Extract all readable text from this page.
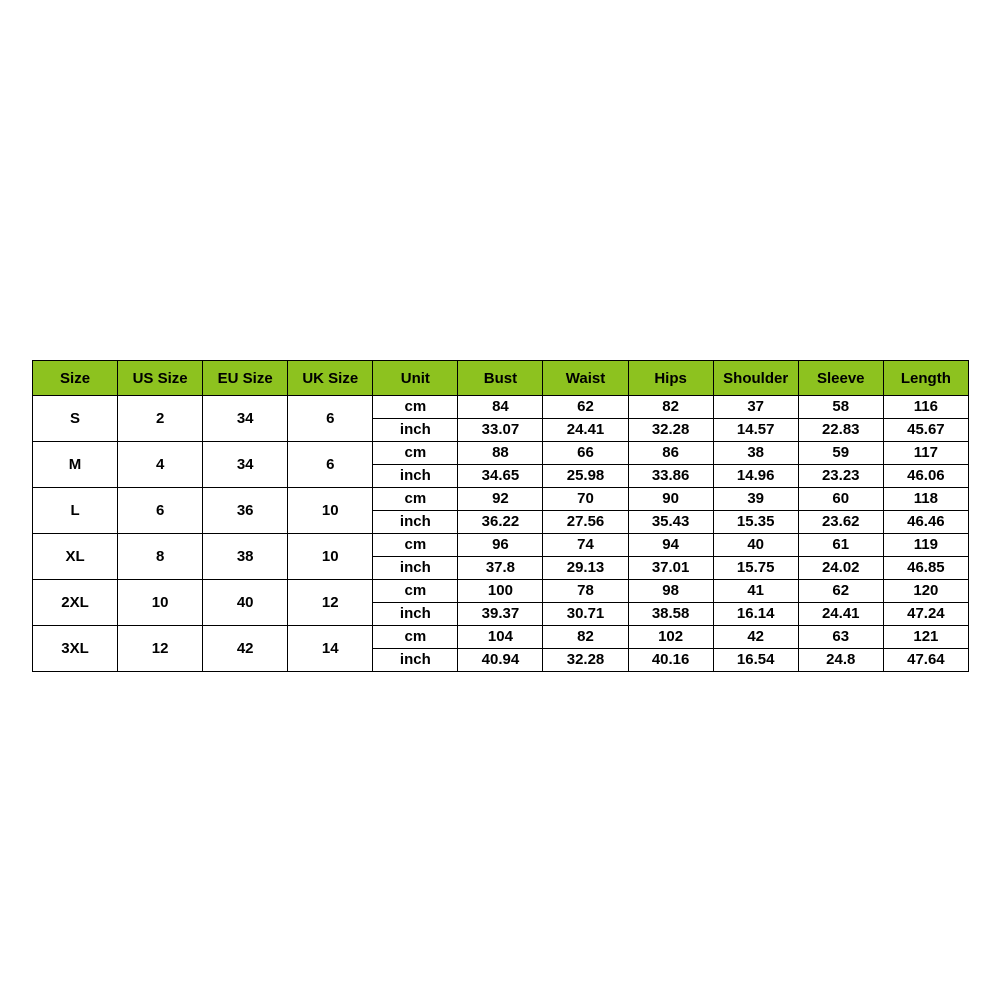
Size	US Size	EU Size	UK Size	Unit	Bust	Waist	Hips	Shoulder	Sleeve	Length
S	2	34	6	cm	84	62	82	37	58	116
				inch	33.07	24.41	32.28	14.57	22.83	45.67
M	4	34	6	cm	88	66	86	38	59	117
				inch	34.65	25.98	33.86	14.96	23.23	46.06
L	6	36	10	cm	92	70	90	39	60	118
				inch	36.22	27.56	35.43	15.35	23.62	46.46
XL	8	38	10	cm	96	74	94	40	61	119
				inch	37.8	29.13	37.01	15.75	24.02	46.85
2XL	10	40	12	cm	100	78	98	41	62	120
				inch	39.37	30.71	38.58	16.14	24.41	47.24
3XL	12	42	14	cm	104	82	102	42	63	121
				inch	40.94	32.28	40.16	16.54	24.8	47.64
